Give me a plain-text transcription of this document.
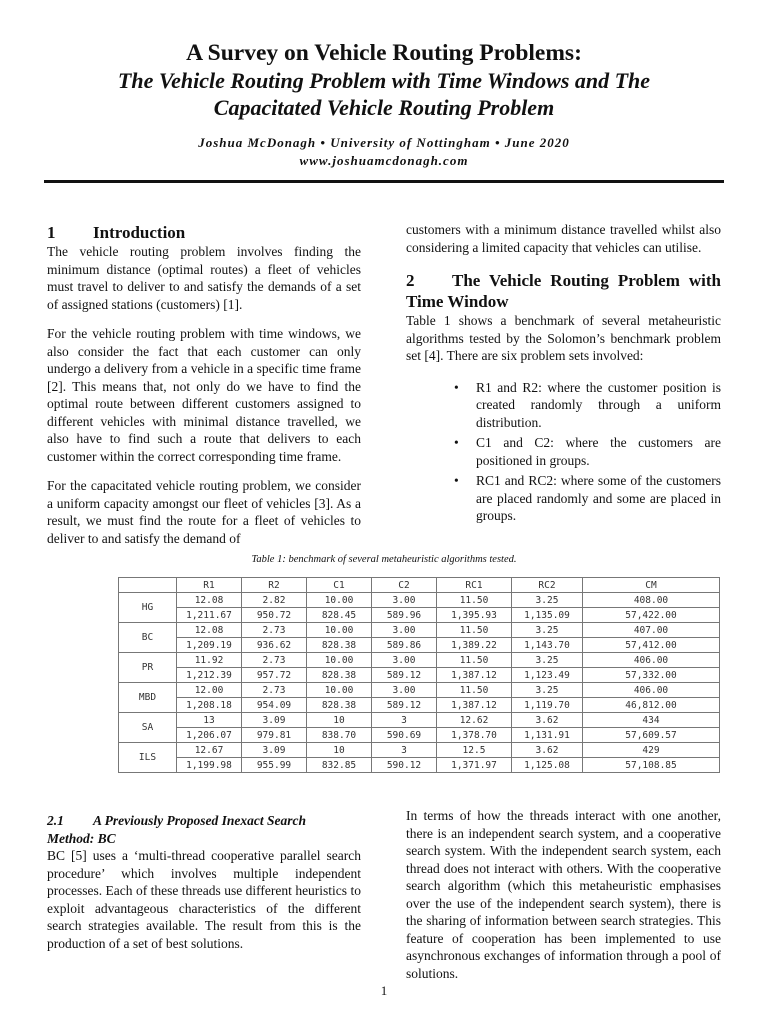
A Survey on Vehicle Routing Problems:

The Vehicle Routing Problem with Time Windows and The

Capacitated Vehicle Routing Problem

Joshua McDonagh • University of Nottingham • June 2020
www.joshuamcdonagh.com
1 Introduction

The vehicle routing problem involves finding the minimum distance (optimal routes) a fleet of vehicles must travel to deliver to and satisfy the demands of a set of assigned stations (customers) [1].

For the vehicle routing problem with time windows, we also consider the fact that each customer can only undergo a delivery from a vehicle in a specific time frame [2]. This means that, not only do we have to find the optimal route between different customers assigned to different vehicles with minimal distance travelled, we also have to find such a route that delivers to each customer within the correct corresponding time frame.

For the capacitated vehicle routing problem, we consider a uniform capacity amongst our fleet of vehicles [3]. As a result, we must find the route for a fleet of vehicles to deliver to and satisfy the demand of

customers with a minimum distance travelled whilst also considering a limited capacity that vehicles can utilise.

2 The Vehicle Routing Problem with Time Window

Table 1 shows a benchmark of several metaheuristic algorithms tested by the Solomon’s benchmark problem set [4]. There are six problem sets involved:

• R1 and R2: where the customer position is created randomly through a uniform distribution.
• C1 and C2: where the customers are positioned in groups.
• RC1 and RC2: where some of the customers are placed randomly and some are placed in groups.
Table 1: benchmark of several metaheuristic algorithms tested.
	R1	R2	C1	C2	RC1	RC2	CM
HG	12.08	2.82	10.00	3.00	11.50	3.25	408.00
	1,211.67	950.72	828.45	589.96	1,395.93	1,135.09	57,422.00
BC	12.08	2.73	10.00	3.00	11.50	3.25	407.00
	1,209.19	936.62	828.38	589.86	1,389.22	1,143.70	57,412.00
PR	11.92	2.73	10.00	3.00	11.50	3.25	406.00
	1,212.39	957.72	828.38	589.12	1,387.12	1,123.49	57,332.00
MBD	12.00	2.73	10.00	3.00	11.50	3.25	406.00
	1,208.18	954.09	828.38	589.12	1,387.12	1,119.70	46,812.00
SA	13	3.09	10	3	12.62	3.62	434
	1,206.07	979.81	838.70	590.69	1,378.70	1,131.91	57,609.57
ILS	12.67	3.09	10	3	12.5	3.62	429
	1,199.98	955.99	832.85	590.12	1,371.97	1,125.08	57,108.85
2.1 A Previously Proposed Inexact Search
Method: BC

BC [5] uses a ‘multi-thread cooperative parallel search procedure’ which involves multiple independent processes. Each of these threads use different heuristics to exploit advantageous characteristics of the different search strategies available. The result from this is the production of a set of best solutions.

In terms of how the threads interact with one another, there is an independent search system, and a cooperative search system. With the independent search system, each thread does not interact with others. With the cooperative search algorithm (which this metaheuristic emphasises over the use of the independent search system), there is the sharing of information between search strategies. This feature of cooperation has been implemented to use asynchronous exchanges of information through a pool of solutions.

1
